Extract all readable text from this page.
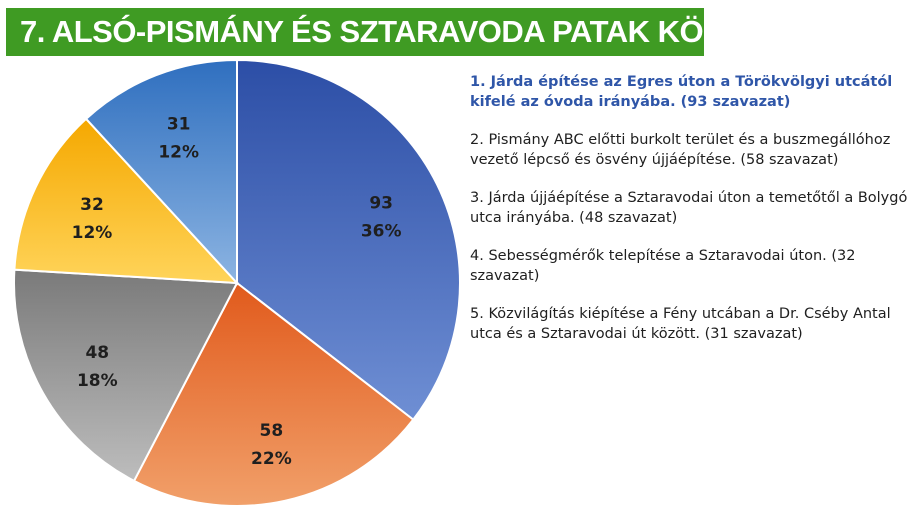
7. ALSÓ-PISMÁNY ÉS SZTARAVODA PATAK KÖRNYÉKE
93
36%
58
22%
48
18%
32
12%
31
12%
1. Járda építése az Egres úton a Törökvölgyi utcától kifelé az óvoda irányába. (93 szavazat)
2. Pismány ABC előtti burkolt terület és a buszmegállóhoz vezető lépcső és ösvény újjáépítése. (58 szavazat)
3. Járda újjáépítése a Sztaravodai úton a temetőtől a Bolygó utca irányába. (48 szavazat)
4. Sebességmérők telepítése a Sztaravodai úton. (32 szavazat)
5. Közvilágítás kiépítése a Fény utcában a Dr. Cséby Antal utca és a Sztaravodai út között. (31 szavazat)
